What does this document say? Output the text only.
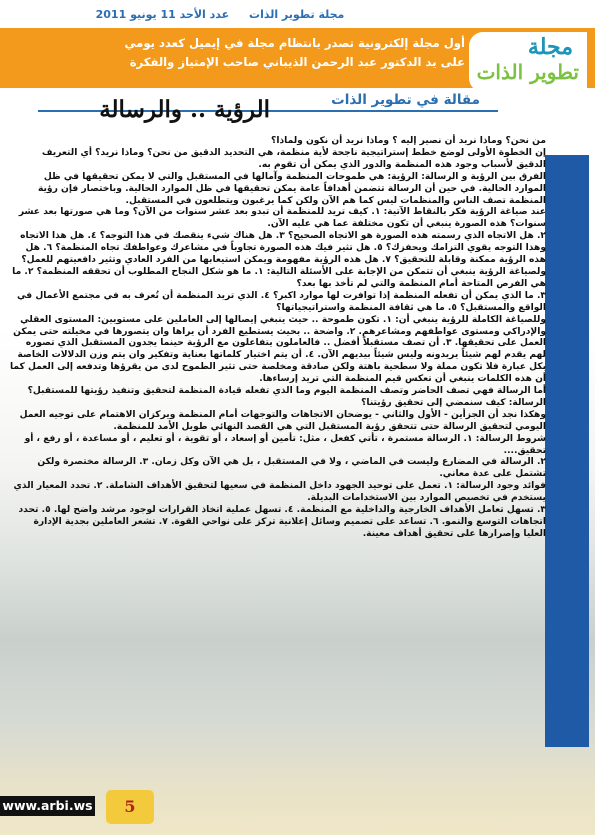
مجلة تطوير الذات عدد الأحد 11 يونيو 2011
أول مجلة إلكترونية تصدر بانتظام مجلة في إيميل كعدد يومي
على يد الدكتور عبد الرحمن الذيباني صاحب الإمتياز والفكرة
مجلة
تطوير الذات
مقالة في تطوير الذات
الرؤية .. والرسالة

من نحن؟ وماذا نريد أن نصير إليه ؟ وماذا نريد أن نكون ولماذا؟

إن الخطوة الأولى لوضع خطط إستراتيجية ناجحة لأية منظمة، هي التحديد الدقيق من نحن؟ وماذا نريد؟ أي التعريف الدقيق لأسباب وجود هذه المنظمة والدور الذي يمكن أن تقوم به.

الفرق بين الرؤية و الرسالة: الرؤية: هي طموحات المنظمة وآمالها في المستقبل والتي لا يمكن تحقيقها في ظل الموارد الحالية. في حين أن الرسالة تتضمن أهدافاً عامة يمكن تحقيقها في ظل الموارد الحالية. وباختصار فإن رؤية المنظمة تصف الناس والمنظمات ليس كما هم الآن ولكن كما يرغبون ويتطلعون في المستقبل.

عند صياغة الرؤية فكر بالنقاط الآتية: ١. كيف تريد للمنظمة أن تبدو بعد عشر سنوات من الآن؟ وما هي صورتها بعد عشر سنوات؟ هذه الصورة ينبغي أن تكون مختلفة عما هي عليه الآن.

٢. هل الاتجاه الذي رسمته هذه الصورة هو الاتجاه الصحيح؟ ٣. هل هناك شيء ينقصك في هذا التوجه؟ ٤. هل هذا الاتجاه وهذا التوجه يقوي التزامك ويحفزك؟ ٥. هل تثير فيك هذه الصورة تجاوباً في مشاعرك وعواطفك تجاه المنظمة؟ ٦. هل هذه الرؤية ممكنة وقابلة للتحقيق؟ ٧. هل هذه الرؤية مفهومة ويمكن استيعابها من الفرد العادي وتثير دافعيتهم للعمل؟

ولصياغة الرؤية ينبغي أن تتمكن من الإجابة على الأسئلة التالية: ١. ما هو شكل النجاح المطلوب أن تحققه المنظمة؟ ٢. ما هي الفرص المتاحة أمام المنظمة والتي لم تأخذ بها بعد؟

٣. ما الذي يمكن أن تفعله المنظمة إذا توافرت لها موارد اكبر؟ ٤. الذي تريد المنظمة أن تُعرف به في مجتمع الأعمال في الواقع والمستقبل؟ ٥. ما هي ثقافة المنظمة واستراتيجياتها؟

وللصياغة الكاملة للرؤية ينبغي أن: ١. تكون طموحة .. حيث ينبغي إيصالها إلى العاملين على مستويين: المستوى العقلي والإدراكي ومستوى عواطفهم ومشاعرهم. ٢. واضحة .. بحيث يستطيع الفرد أن يراها وان يتصورها في مخيلته حتى يمكن العمل على تحقيقها. ٣. أن تصف مستقبلاً أفضل .. فالعاملون يتفاعلون مع الرؤية حينما يجدون المستقبل الذي تصوره لهم يقدم لهم شيئاً يريدونه وليس شيئاً بيديهم الآن. ٤. أن يتم اختيار كلماتها بعناية وتفكير وان يتم وزن الدلالات الخاصة بكل عبارة فلا تكون مملة ولا سطحية باهتة ولكن صادقة ومخلصة حتى تثير الطموح لدى من يقرؤها وتدفعه إلى العمل كما أن هذه الكلمات ينبغي أن تعكس قيم المنظمة التي تريد إرساءها.

أما الرسالة فهي تصف الحاضر وتصف المنظمة اليوم وما الذي تفعله قيادة المنظمة لتحقيق وتنفيذ رؤيتها للمستقبل؟

الرسالة: كيف سنمضي إلى تحقيق رؤيتنا؟

وهكذا نجد أن الجزأين - الأول والثاني - يوضحان الاتجاهات والتوجهات أمام المنظمة ويركزان الاهتمام على توجيه العمل اليومي لتحقيق الرسالة حتى تتحقق رؤية المستقبل التي هي القصد النهائي طويل الأمد للمنظمة.

شروط الرسالة: ١. الرسالة مستمرة ، تأتي كفعل ، مثل: تأمين أو إسعاد ، أو تقوية ، أو تعليم ، أو مساعدة ، أو رفع ، أو تحقيق....

٢. الرسالة في المضارع وليست في الماضي ، ولا في المستقبل ، بل هي الآن وكل زمان. ٣. الرسالة مختصرة ولكن تشتمل على عدة معاني.

فوائد وجود الرسالة: ١. تعمل على توحيد الجهود داخل المنظمة في سعيها لتحقيق الأهداف الشاملة. ٢. تحدد المعيار الذي يستخدم في تخصيص الموارد بين الاستخدامات البديلة.

٣. تسهل تعامل الأهداف الخارجية والداخلية مع المنظمة. ٤. تسهل عملية اتخاذ القرارات لوجود مرشد واضح لها. ٥. تحدد اتجاهات التوسع والنمو. ٦. تساعد على تصميم وسائل إعلانية تركز على نواحي القوة. ٧. تشعر العاملين بجدية الإدارة العليا وإصرارها على تحقيق أهداف معينة.

www.arbi.ws	5
